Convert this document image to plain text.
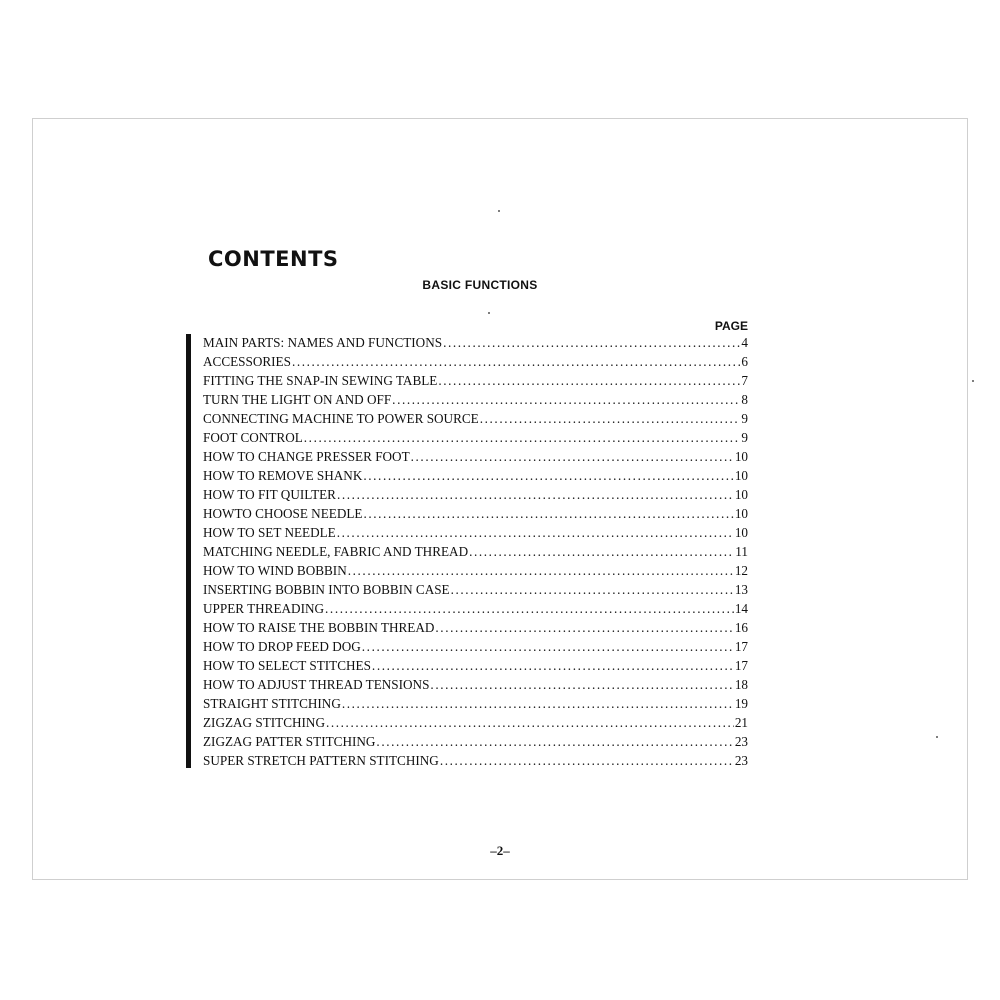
CONTENTS
BASIC FUNCTIONS
PAGE
MAIN PARTS: NAMES AND FUNCTIONS .....	4
ACCESSORIES .....	6
FITTING THE SNAP-IN SEWING TABLE .....	7
TURN THE LIGHT ON AND OFF .....	8
CONNECTING MACHINE TO POWER SOURCE .....	9
FOOT CONTROL .....	9
HOW TO CHANGE PRESSER FOOT .....	10
HOW TO REMOVE SHANK .....	10
HOW TO FIT QUILTER .....	10
HOWTO CHOOSE NEEDLE .....	10
HOW TO SET NEEDLE .....	10
MATCHING NEEDLE, FABRIC AND THREAD .....	11
HOW TO WIND BOBBIN .....	12
INSERTING BOBBIN INTO BOBBIN CASE .....	13
UPPER THREADING .....	14
HOW TO RAISE THE BOBBIN THREAD .....	16
HOW TO DROP FEED DOG .....	17
HOW TO SELECT STITCHES .....	17
HOW TO ADJUST THREAD TENSIONS .....	18
STRAIGHT STITCHING .....	19
ZIGZAG STITCHING .....	21
ZIGZAG PATTER STITCHING .....	23
SUPER STRETCH PATTERN STITCHING .....	23
–2–
